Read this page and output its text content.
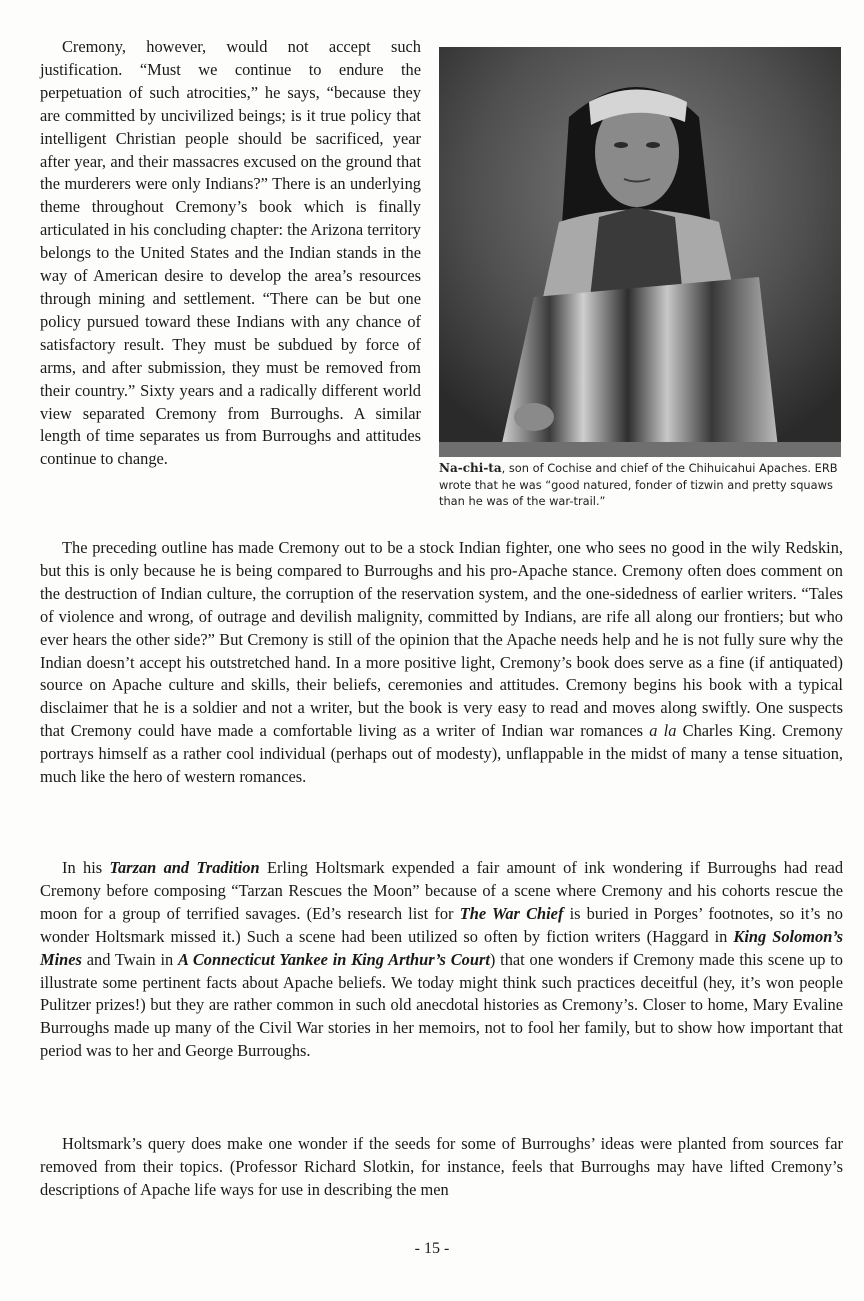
Cremony, however, would not accept such justification. “Must we continue to endure the perpetuation of such atrocities,” he says, “because they are committed by uncivilized beings; is it true policy that intelligent Christian people should be sacrificed, year after year, and their massacres excused on the ground that the murderers were only Indians?” There is an underlying theme throughout Cremony’s book which is finally articulated in his concluding chapter: the Arizona territory belongs to the United States and the Indian stands in the way of American desire to develop the area’s resources through mining and settlement. “There can be but one policy pursued toward these Indians with any chance of satisfactory result. They must be subdued by force of arms, and after submission, they must be removed from their country.” Sixty years and a radically different world view separated Cremony from Burroughs. A similar length of time separates us from Burroughs and attitudes continue to change.	Na-chi-ta, son of Cochise and chief of the Chihuicahui Apaches. ERB wrote that he was “good natured, fonder of tizwin and pretty squaws than he was of the war-trail.”

The preceding outline has made Cremony out to be a stock Indian fighter, one who sees no good in the wily Redskin, but this is only because he is being compared to Burroughs and his pro-Apache stance. Cremony often does comment on the destruction of Indian culture, the corruption of the reservation system, and the one-sidedness of earlier writers. “Tales of violence and wrong, of outrage and devilish malignity, committed by Indians, are rife all along our frontiers; but who ever hears the other side?” But Cremony is still of the opinion that the Apache needs help and he is not fully sure why the Indian doesn’t accept his outstretched hand. In a more positive light, Cremony’s book does serve as a fine (if antiquated) source on Apache culture and skills, their beliefs, ceremonies and attitudes. Cremony begins his book with a typical disclaimer that he is a soldier and not a writer, but the book is very easy to read and moves along swiftly. One suspects that Cremony could have made a comfortable living as a writer of Indian war romances a la Charles King. Cremony portrays himself as a rather cool individual (perhaps out of modesty), unflappable in the midst of many a tense situation, much like the hero of western romances.

In his Tarzan and Tradition Erling Holtsmark expended a fair amount of ink wondering if Burroughs had read Cremony before composing “Tarzan Rescues the Moon” because of a scene where Cremony and his cohorts rescue the moon for a group of terrified savages. (Ed’s research list for The War Chief is buried in Porges’ footnotes, so it’s no wonder Holtsmark missed it.) Such a scene had been utilized so often by fiction writers (Haggard in King Solomon’s Mines and Twain in A Connecticut Yankee in King Arthur’s Court) that one wonders if Cremony made this scene up to illustrate some pertinent facts about Apache beliefs. We today might think such practices deceitful (hey, it’s won people Pulitzer prizes!) but they are rather common in such old anecdotal histories as Cremony’s. Closer to home, Mary Evaline Burroughs made up many of the Civil War stories in her memoirs, not to fool her family, but to show how important that period was to her and George Burroughs.

Holtsmark’s query does make one wonder if the seeds for some of Burroughs’ ideas were planted from sources far removed from their topics. (Professor Richard Slotkin, for instance, feels that Burroughs may have lifted Cremony’s descriptions of Apache life ways for use in describing the men

- 15 -
